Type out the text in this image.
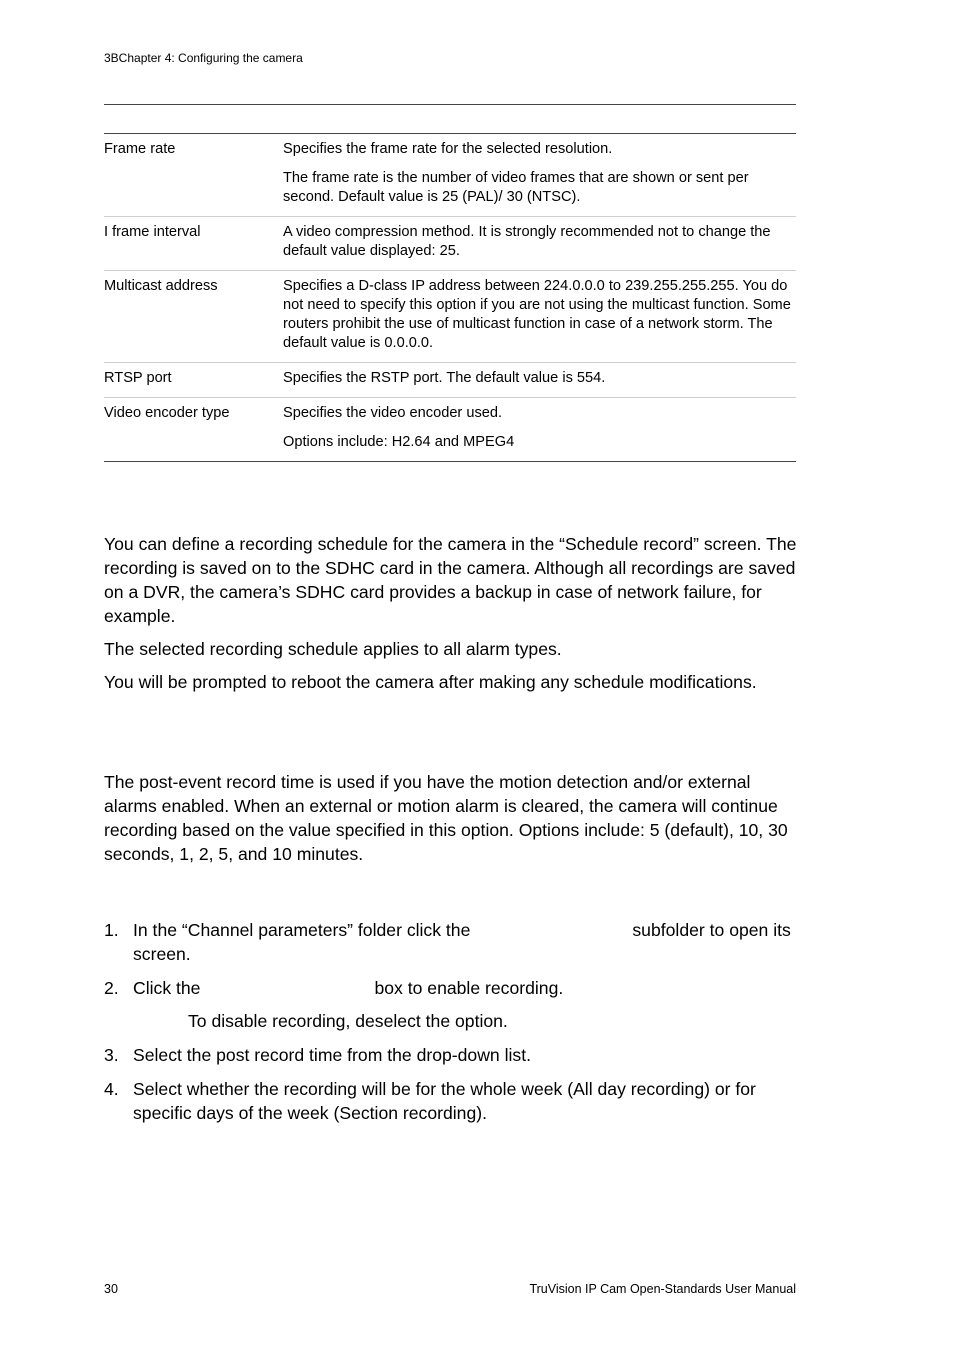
3BChapter 4: Configuring the camera
Frame rate	Specifies the frame rate for the selected resolution.

The frame rate is the number of video frames that are shown or sent per second. Default value is 25 (PAL)/ 30 (NTSC).

I frame interval	A video compression method. It is strongly recommended not to change the default value displayed: 25.

Multicast address	Specifies a D-class IP address between 224.0.0.0 to 239.255.255.255. You do not need to specify this option if you are not using the multicast function. Some routers prohibit the use of multicast function in case of a network storm. The default value is 0.0.0.0.

RTSP port	Specifies the RSTP port. The default value is 554.

Video encoder type	Specifies the video encoder used.

Options include: H2.64 and MPEG4

You can define a recording schedule for the camera in the “Schedule record” screen. The recording is saved on to the SDHC card in the camera. Although all recordings are saved on a DVR, the camera’s SDHC card provides a backup in case of network failure, for example.

The selected recording schedule applies to all alarm types.

You will be prompted to reboot the camera after making any schedule modifications.

The post-event record time is used if you have the motion detection and/or external alarms enabled. When an external or motion alarm is cleared, the camera will continue recording based on the value specified in this option. Options include: 5 (default), 10, 30 seconds, 1, 2, 5, and 10 minutes.

1. In the “Channel parameters” folder click the	subfolder to open its screen.
2. Click the	box to enable recording.
To disable recording, deselect the option.
3. Select the post record time from the drop-down list.
4. Select whether the recording will be for the whole week (All day recording) or for specific days of the week (Section recording).
30	TruVision IP Cam Open-Standards User Manual
